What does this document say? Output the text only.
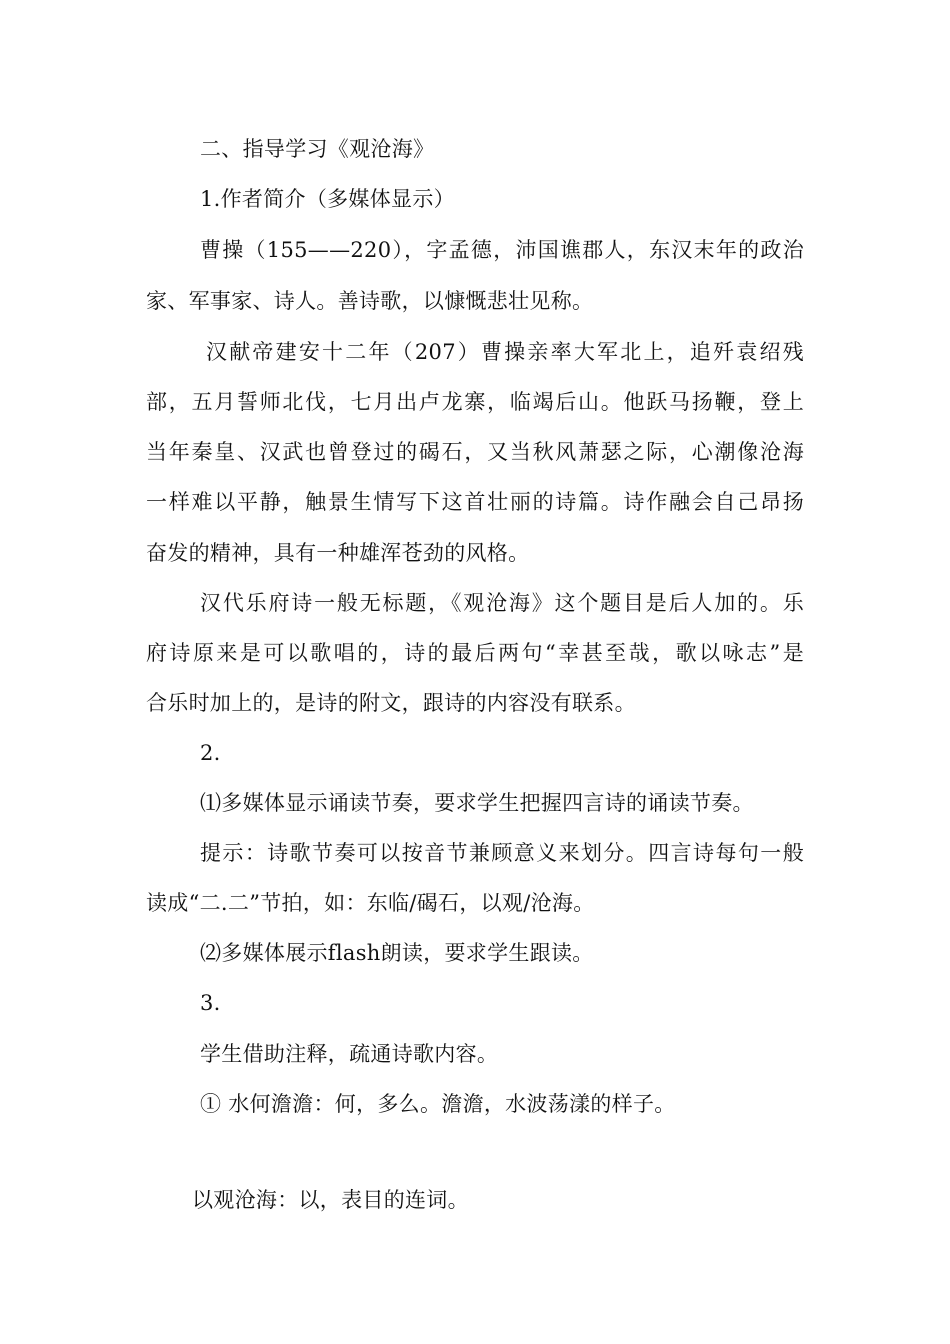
二、指导学习《观沧海》
1.作者简介（多媒体显示）
曹操（155——220），字孟德，沛国谯郡人，东汉末年的政治
家、军事家、诗人。善诗歌，以慷慨悲壮见称。
汉献帝建安十二年（207）曹操亲率大军北上，追歼袁绍残
部，五月誓师北伐，七月出卢龙寨，临竭后山。他跃马扬鞭，登上
当年秦皇、汉武也曾登过的碣石，又当秋风萧瑟之际，心潮像沧海
一样难以平静，触景生情写下这首壮丽的诗篇。诗作融会自己昂扬
奋发的精神，具有一种雄浑苍劲的风格。
汉代乐府诗一般无标题，《观沧海》这个题目是后人加的。乐
府诗原来是可以歌唱的，诗的最后两句“幸甚至哉，歌以咏志”是
合乐时加上的，是诗的附文，跟诗的内容没有联系。
2.
⑴多媒体显示诵读节奏，要求学生把握四言诗的诵读节奏。
提示：诗歌节奏可以按音节兼顾意义来划分。四言诗每句一般
读成“二.二”节拍，如：东临/碣石，以观/沧海。
⑵多媒体展示flash朗读，要求学生跟读。
3.
学生借助注释，疏通诗歌内容。
① 水何澹澹：何，多么。澹澹，水波荡漾的样子。
以观沧海：以，表目的连词。
